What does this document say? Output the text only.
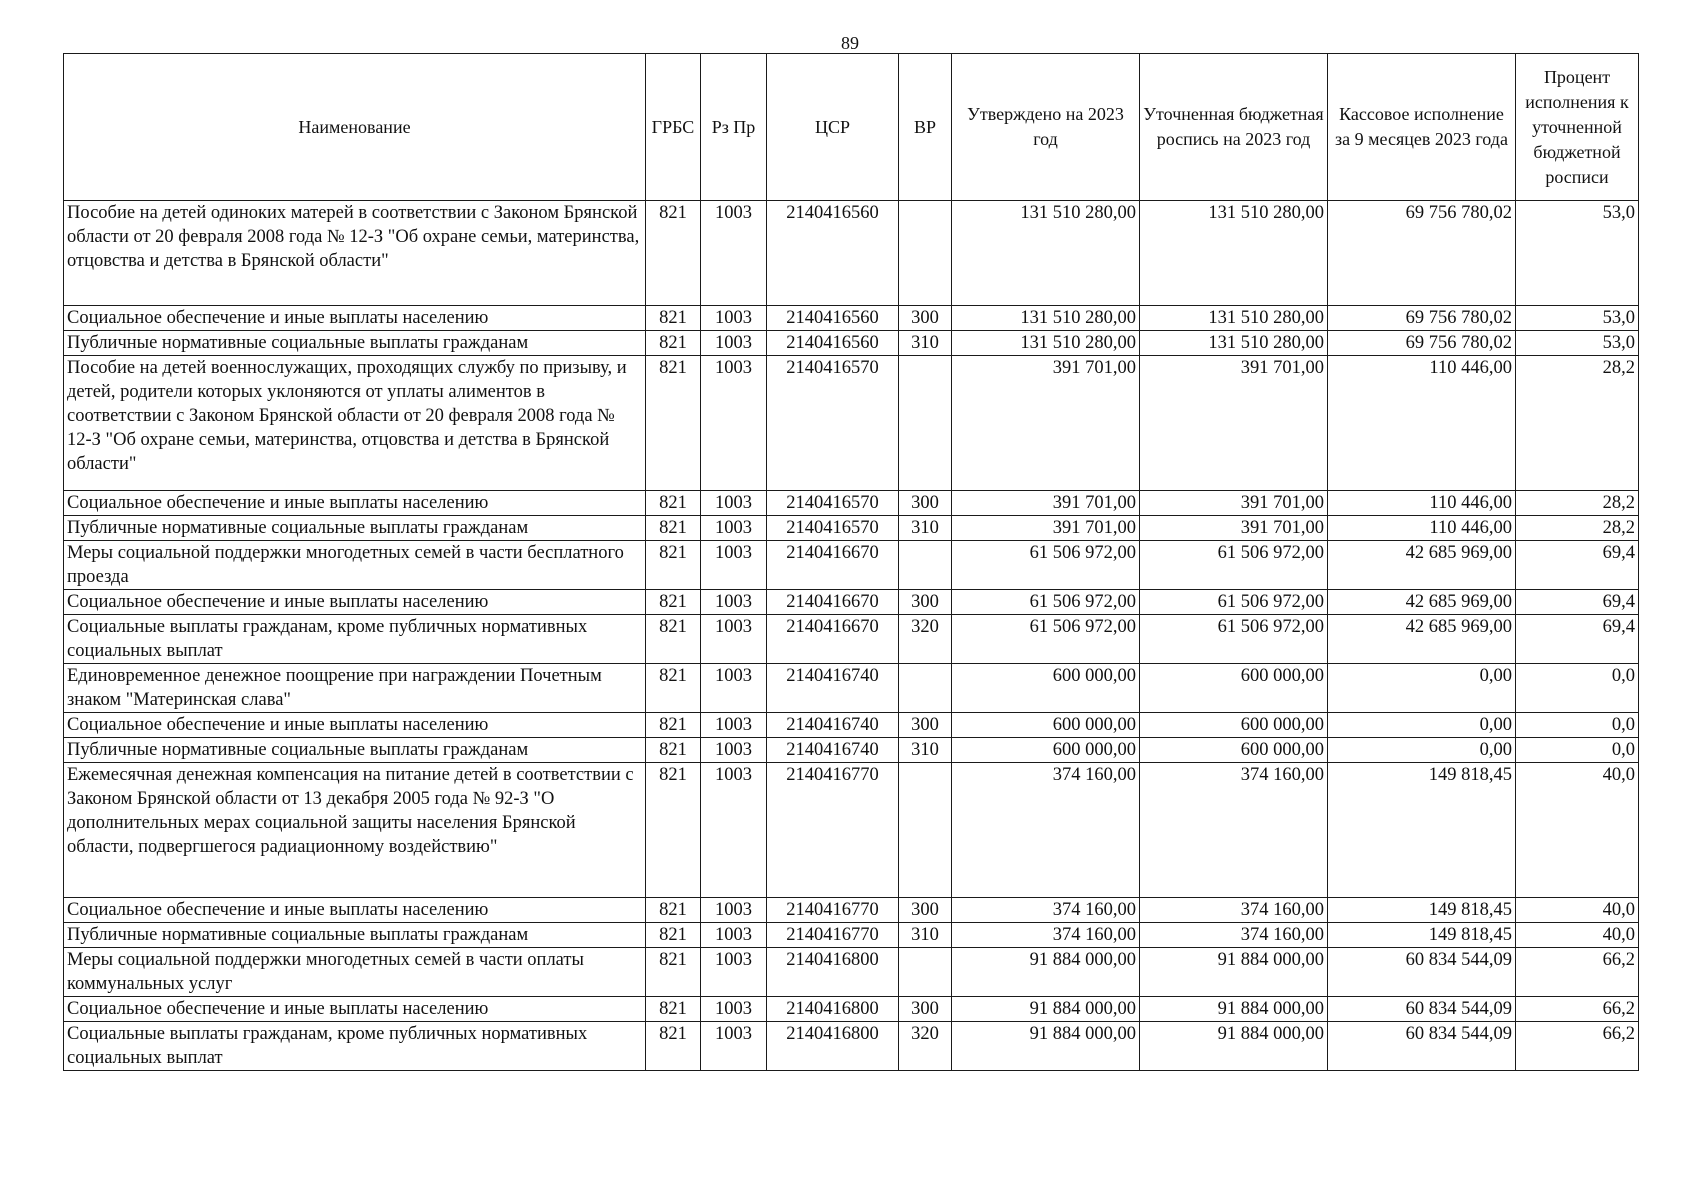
89
Наименование	ГРБС	Рз Пр	ЦСР	ВР	Утверждено на 2023 год	Уточненная бюджетная роспись на 2023 год	Кассовое исполнение за 9 месяцев 2023 года	Процент исполнения к уточненной бюджетной росписи
Пособие на детей одиноких матерей в соответствии с Законом Брянской области от 20 февраля 2008 года № 12-З "Об охране семьи, материнства, отцовства и детства в Брянской области"	821	1003	2140416560		131 510 280,00	131 510 280,00	69 756 780,02	53,0
Социальное обеспечение и иные выплаты населению	821	1003	2140416560	300	131 510 280,00	131 510 280,00	69 756 780,02	53,0
Публичные нормативные социальные выплаты гражданам	821	1003	2140416560	310	131 510 280,00	131 510 280,00	69 756 780,02	53,0
Пособие на детей военнослужащих, проходящих службу по призыву, и детей, родители которых уклоняются от уплаты алиментов в соответствии с Законом Брянской области от 20 февраля 2008 года № 12-З "Об охране семьи, материнства, отцовства и детства в Брянской области"	821	1003	2140416570		391 701,00	391 701,00	110 446,00	28,2
Социальное обеспечение и иные выплаты населению	821	1003	2140416570	300	391 701,00	391 701,00	110 446,00	28,2
Публичные нормативные социальные выплаты гражданам	821	1003	2140416570	310	391 701,00	391 701,00	110 446,00	28,2
Меры социальной поддержки многодетных семей в части бесплатного проезда	821	1003	2140416670		61 506 972,00	61 506 972,00	42 685 969,00	69,4
Социальное обеспечение и иные выплаты населению	821	1003	2140416670	300	61 506 972,00	61 506 972,00	42 685 969,00	69,4
Социальные выплаты гражданам, кроме публичных нормативных социальных выплат	821	1003	2140416670	320	61 506 972,00	61 506 972,00	42 685 969,00	69,4
Единовременное денежное поощрение при награждении Почетным знаком "Материнская слава"	821	1003	2140416740		600 000,00	600 000,00	0,00	0,0
Социальное обеспечение и иные выплаты населению	821	1003	2140416740	300	600 000,00	600 000,00	0,00	0,0
Публичные нормативные социальные выплаты гражданам	821	1003	2140416740	310	600 000,00	600 000,00	0,00	0,0
Ежемесячная денежная компенсация на питание детей в соответствии с Законом Брянской области от 13 декабря 2005 года № 92-З "О дополнительных мерах социальной защиты населения Брянской области, подвергшегося радиационному воздействию"	821	1003	2140416770		374 160,00	374 160,00	149 818,45	40,0
Социальное обеспечение и иные выплаты населению	821	1003	2140416770	300	374 160,00	374 160,00	149 818,45	40,0
Публичные нормативные социальные выплаты гражданам	821	1003	2140416770	310	374 160,00	374 160,00	149 818,45	40,0
Меры социальной поддержки многодетных семей в части оплаты коммунальных услуг	821	1003	2140416800		91 884 000,00	91 884 000,00	60 834 544,09	66,2
Социальное обеспечение и иные выплаты населению	821	1003	2140416800	300	91 884 000,00	91 884 000,00	60 834 544,09	66,2
Социальные выплаты гражданам, кроме публичных нормативных социальных выплат	821	1003	2140416800	320	91 884 000,00	91 884 000,00	60 834 544,09	66,2
